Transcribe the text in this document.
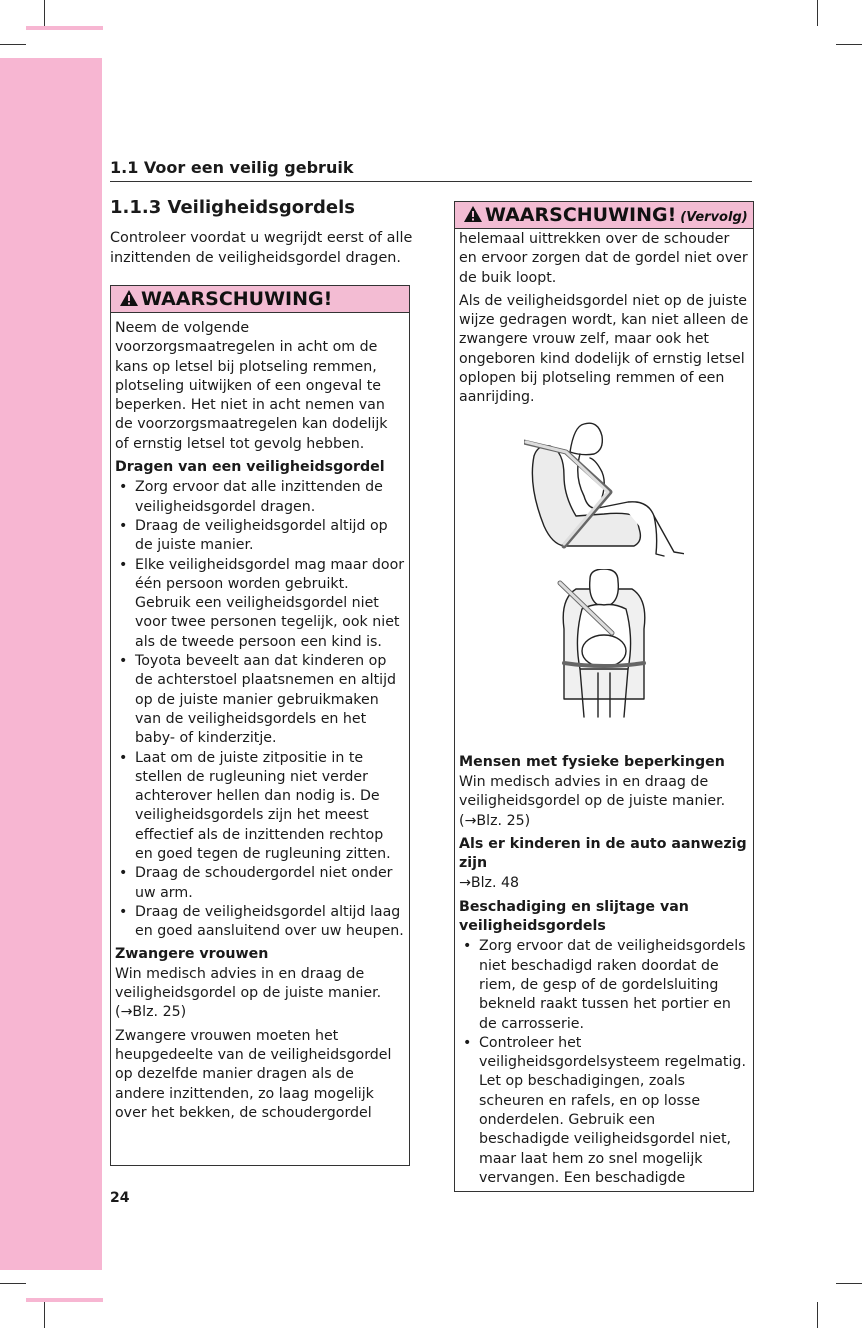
1.1 Voor een veilig gebruik
1.1.3 Veiligheidsgordels
Controleer voordat u wegrijdt eerst of alle inzittenden de veiligheidsgordel dragen.
WAARSCHUWING!

Neem de volgende voorzorgsmaatregelen in acht om de kans op letsel bij plotseling remmen, plotseling uitwijken of een ongeval te beperken. Het niet in acht nemen van de voorzorgsmaatregelen kan dodelijk of ernstig letsel tot gevolg hebben.

Dragen van een veiligheidsgordel

• Zorg ervoor dat alle inzittenden de veiligheidsgordel dragen.
• Draag de veiligheidsgordel altijd op de juiste manier.
• Elke veiligheidsgordel mag maar door één persoon worden gebruikt. Gebruik een veiligheidsgordel niet voor twee personen tegelijk, ook niet als de tweede persoon een kind is.
• Toyota beveelt aan dat kinderen op de achterstoel plaatsnemen en altijd op de juiste manier gebruikmaken van de veiligheidsgordels en het baby- of kinderzitje.
• Laat om de juiste zitpositie in te stellen de rugleuning niet verder achterover hellen dan nodig is. De veiligheidsgordels zijn het meest effectief als de inzittenden rechtop en goed tegen de rugleuning zitten.
• Draag de schoudergordel niet onder uw arm.
• Draag de veiligheidsgordel altijd laag en goed aansluitend over uw heupen.

Zwangere vrouwen

Win medisch advies in en draag de veiligheidsgordel op de juiste manier. (→Blz. 25)

Zwangere vrouwen moeten het heupgedeelte van de veiligheidsgordel op dezelfde manier dragen als de andere inzittenden, zo laag mogelijk over het bekken, de schoudergordel

WAARSCHUWING! (Vervolg)

helemaal uittrekken over de schouder en ervoor zorgen dat de gordel niet over de buik loopt.

Als de veiligheidsgordel niet op de juiste wijze gedragen wordt, kan niet alleen de zwangere vrouw zelf, maar ook het ongeboren kind dodelijk of ernstig letsel oplopen bij plotseling remmen of een aanrijding.

Mensen met fysieke beperkingen

Win medisch advies in en draag de veiligheidsgordel op de juiste manier. (→Blz. 25)

Als er kinderen in de auto aanwezig zijn

→Blz. 48

Beschadiging en slijtage van veiligheidsgordels

• Zorg ervoor dat de veiligheidsgordels niet beschadigd raken doordat de riem, de gesp of de gordelsluiting bekneld raakt tussen het portier en de carrosserie.
• Controleer het veiligheidsgordelsysteem regelmatig. Let op beschadigingen, zoals scheuren en rafels, en op losse onderdelen. Gebruik een beschadigde veiligheidsgordel niet, maar laat hem zo snel mogelijk vervangen. Een beschadigde
24
